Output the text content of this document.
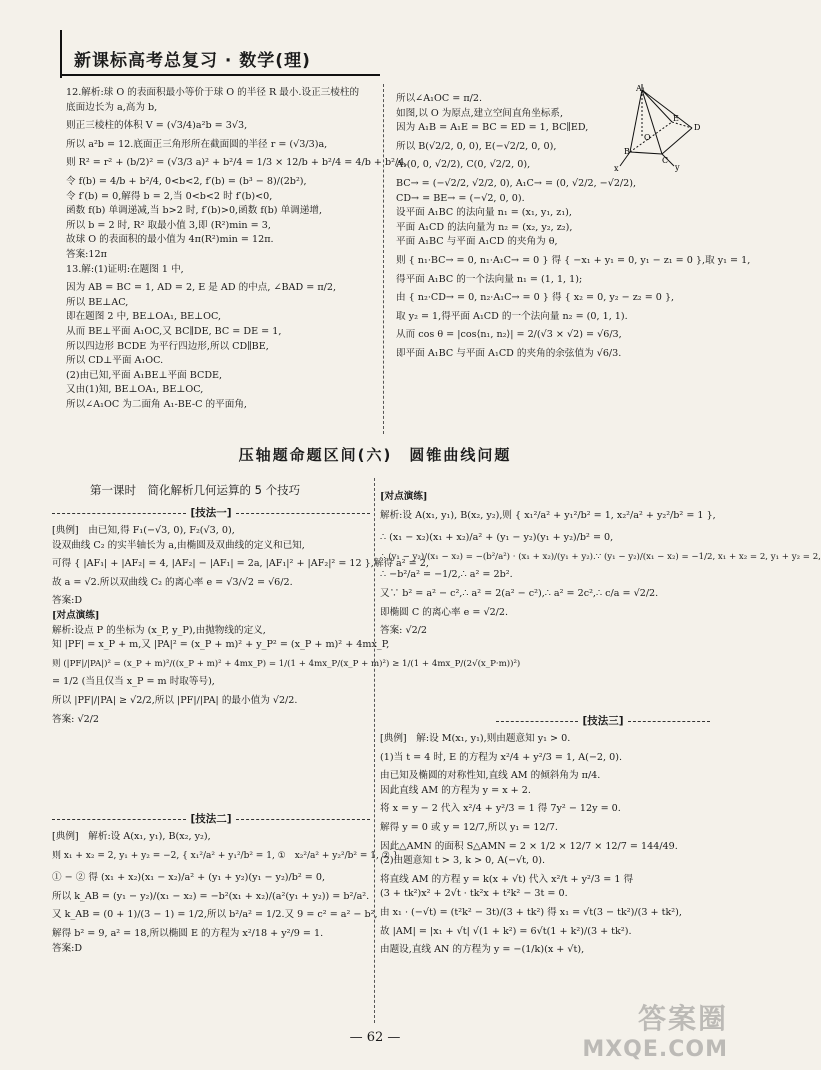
新课标高考总复习 · 数学(理)
12.解析:球 O 的表面积最小等价于球 O 的半径 R 最小.设正三棱柱的
底面边长为 a,高为 b,
则正三棱柱的体积 V = (√3/4)a²b = 3√3,
所以 a²b = 12.底面正三角形所在截面圆的半径 r = (√3/3)a,
则 R² = r² + (b/2)² = (√3/3 a)² + b²/4 = 1/3 × 12/b + b²/4 = 4/b + b²/4,
令 f(b) = 4/b + b²/4, 0<b<2, f′(b) = (b³ − 8)/(2b²),
令 f′(b) = 0,解得 b = 2,当 0<b<2 时 f′(b)<0,
函数 f(b) 单调递减,当 b>2 时, f′(b)>0,函数 f(b) 单调递增,
所以 b = 2 时, R² 取最小值 3,即 (R²)min = 3,
故球 O 的表面积的最小值为 4π(R²)min = 12π.
答案:12π
13.解:(1)证明:在题图 1 中,
因为 AB = BC = 1, AD = 2, E 是 AD 的中点, ∠BAD = π/2,
所以 BE⊥AC,
即在题图 2 中, BE⊥OA₁, BE⊥OC,
从而 BE⊥平面 A₁OC,又 BC∥DE, BC = DE = 1,
所以四边形 BCDE 为平行四边形,所以 CD∥BE,
所以 CD⊥平面 A₁OC.
(2)由已知,平面 A₁BE⊥平面 BCDE,
又由(1)知, BE⊥OA₁, BE⊥OC,
所以∠A₁OC 为二面角 A₁-BE-C 的平面角,
所以∠A₁OC = π/2.
如图,以 O 为原点,建立空间直角坐标系,
因为 A₁B = A₁E = BC = ED = 1, BC∥ED,
所以 B(√2/2, 0, 0), E(−√2/2, 0, 0),
A₁(0, 0, √2/2), C(0, √2/2, 0),
BC→ = (−√2/2, √2/2, 0), A₁C→ = (0, √2/2, −√2/2),
CD→ = BE→ = (−√2, 0, 0).
设平面 A₁BC 的法向量 n₁ = (x₁, y₁, z₁),
平面 A₁CD 的法向量为 n₂ = (x₂, y₂, z₂),
平面 A₁BC 与平面 A₁CD 的夹角为 θ,
则 { n₁·BC→ = 0, n₁·A₁C→ = 0 } 得 { −x₁ + y₁ = 0, y₁ − z₁ = 0 },取 y₁ = 1,
得平面 A₁BC 的一个法向量 n₁ = (1, 1, 1);
由 { n₂·CD→ = 0, n₂·A₁C→ = 0 } 得 { x₂ = 0, y₂ − z₂ = 0 },
取 y₂ = 1,得平面 A₁CD 的一个法向量 n₂ = (0, 1, 1).
从而 cos θ = |cos⟨n₁, n₂⟩| = 2/(√3 × √2) = √6/3,
即平面 A₁BC 与平面 A₁CD 的夹角的余弦值为 √6/3.
A₁
E
O
D
B
C
y
x
压轴题命题区间(六)　圆锥曲线问题
第一课时　简化解析几何运算的 5 个技巧
[技法一]
[典例]　由已知,得 F₁(−√3, 0), F₂(√3, 0),
设双曲线 C₂ 的实半轴长为 a,由椭圆及双曲线的定义和已知,
可得 { |AF₁| + |AF₂| = 4, |AF₂| − |AF₁| = 2a, |AF₁|² + |AF₂|² = 12 },解得 a² = 2,
故 a = √2.所以双曲线 C₂ 的离心率 e = √3/√2 = √6/2.
答案:D
[对点演练]
解析:设点 P 的坐标为 (x_P, y_P),由抛物线的定义,
知 |PF| = x_P + m,又 |PA|² = (x_P + m)² + y_P² = (x_P + m)² + 4mx_P,
则 (|PF|/|PA|)² = (x_P + m)²/((x_P + m)² + 4mx_P) = 1/(1 + 4mx_P/(x_P + m)²) ≥ 1/(1 + 4mx_P/(2√(x_P·m))²)
= 1/2 (当且仅当 x_P = m 时取等号),
所以 |PF|/|PA| ≥ √2/2,所以 |PF|/|PA| 的最小值为 √2/2.
答案: √2/2
[技法二]
[典例]　解析:设 A(x₁, y₁), B(x₂, y₂),
则 x₁ + x₂ = 2, y₁ + y₂ = −2, { x₁²/a² + y₁²/b² = 1, ①　x₂²/a² + y₂²/b² = 1, ② }
① − ② 得 (x₁ + x₂)(x₁ − x₂)/a² + (y₁ + y₂)(y₁ − y₂)/b² = 0,
所以 k_AB = (y₁ − y₂)/(x₁ − x₂) = −b²(x₁ + x₂)/(a²(y₁ + y₂)) = b²/a².
又 k_AB = (0 + 1)/(3 − 1) = 1/2,所以 b²/a² = 1/2.又 9 = c² = a² − b²,
解得 b² = 9, a² = 18,所以椭圆 E 的方程为 x²/18 + y²/9 = 1.
答案:D
[对点演练]
解析:设 A(x₁, y₁), B(x₂, y₂),则 { x₁²/a² + y₁²/b² = 1, x₂²/a² + y₂²/b² = 1 },
∴ (x₁ − x₂)(x₁ + x₂)/a² + (y₁ − y₂)(y₁ + y₂)/b² = 0,
∴ (y₁ − y₂)/(x₁ − x₂) = −(b²/a²) · (x₁ + x₂)/(y₁ + y₂).∵ (y₁ − y₂)/(x₁ − x₂) = −1/2, x₁ + x₂ = 2, y₁ + y₂ = 2,
∴ −b²/a² = −1/2,∴ a² = 2b².
又∵ b² = a² − c²,∴ a² = 2(a² − c²),∴ a² = 2c²,∴ c/a = √2/2.
即椭圆 C 的离心率 e = √2/2.
答案: √2/2
[技法三]
[典例]　解:设 M(x₁, y₁),则由题意知 y₁ > 0.
(1)当 t = 4 时, E 的方程为 x²/4 + y²/3 = 1, A(−2, 0).
由已知及椭圆的对称性知,直线 AM 的倾斜角为 π/4.
因此直线 AM 的方程为 y = x + 2.
将 x = y − 2 代入 x²/4 + y²/3 = 1 得 7y² − 12y = 0.
解得 y = 0 或 y = 12/7,所以 y₁ = 12/7.
因此△AMN 的面积 S△AMN = 2 × 1/2 × 12/7 × 12/7 = 144/49.
(2)由题意知 t > 3, k > 0, A(−√t, 0).
将直线 AM 的方程 y = k(x + √t) 代入 x²/t + y²/3 = 1 得
(3 + tk²)x² + 2√t · tk²x + t²k² − 3t = 0.
由 x₁ · (−√t) = (t²k² − 3t)/(3 + tk²) 得 x₁ = √t(3 − tk²)/(3 + tk²),
故 |AM| = |x₁ + √t| √(1 + k²) = 6√t(1 + k²)/(3 + tk²).
由题设,直线 AN 的方程为 y = −(1/k)(x + √t),
— 62 —
答案圈
MXQE.COM
